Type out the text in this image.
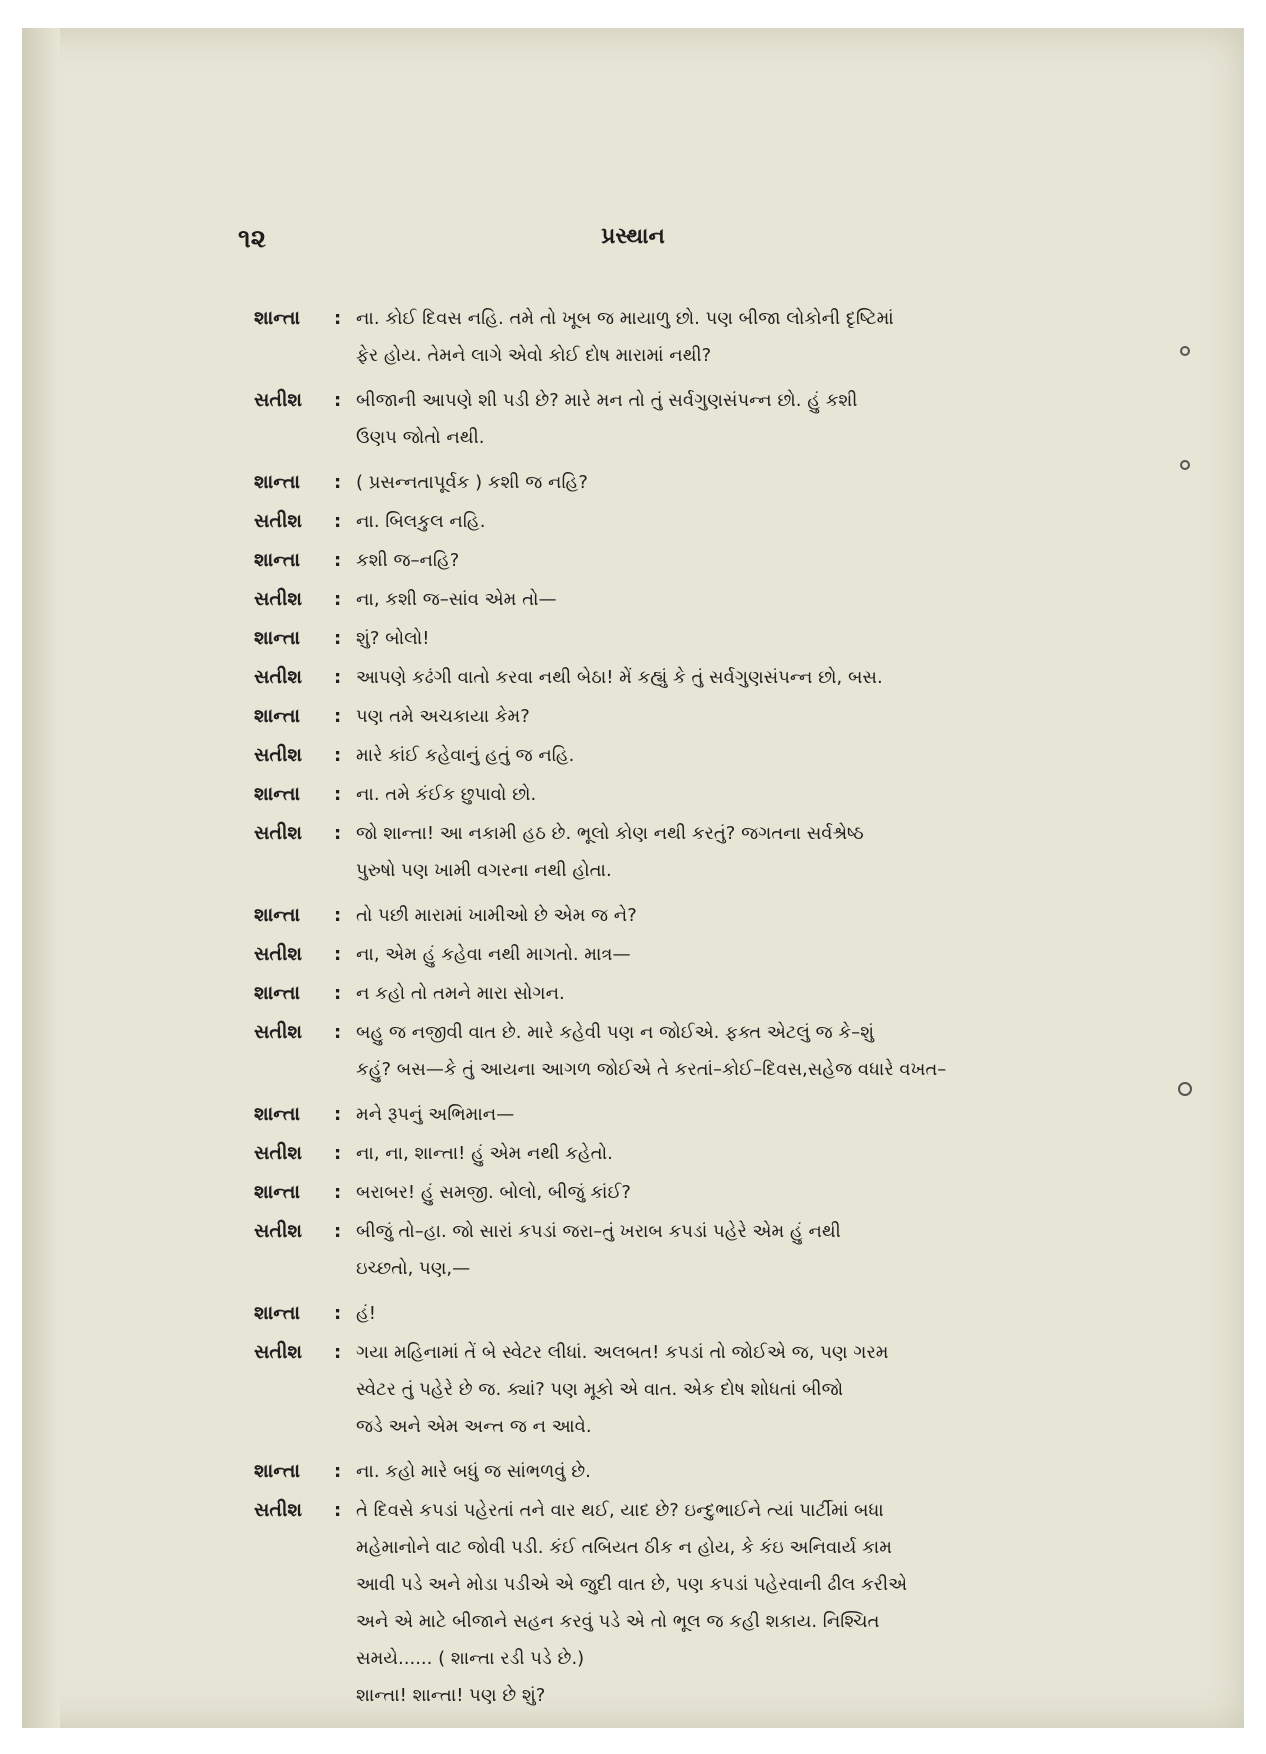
૧૨	પ્રસ્થાન
શાન્તા	: ના. કોઈ દિવસ નહિ. તમે તો ખૂબ જ માયાળુ છો. પણ બીજા લોકોની દૃષ્ટિમાં
ફેર હોય. તેમને લાગે એવો કોઈ દોષ મારામાં નથી?
સતીશ	: બીજાની આપણે શી પડી છે? મારે મન તો તું સર્વગુણસંપન્ન છો. હું કશી
ઉણપ જોતો નથી.
શાન્તા	: ( પ્રસન્નતાપૂર્વક ) કશી જ નહિ?
સતીશ	: ના. બિલકુલ નહિ.
શાન્તા	: કશી જ–નહિ?
સતીશ	: ના, કશી જ–સાંવ એમ તો—
શાન્તા	: શું? બોલો!
સતીશ	: આપણે કઢંગી વાતો કરવા નથી બેઠા! મેં કહ્યું કે તું સર્વગુણસંપન્ન છો, બસ.
શાન્તા	: પણ તમે અચકાયા કેમ?
સતીશ	: મારે કાંઈ કહેવાનું હતું જ નહિ.
શાન્તા	: ના. તમે કંઈક છુપાવો છો.
સતીશ	: જો શાન્તા! આ નકામી હઠ છે. ભૂલો કોણ નથી કરતું? જગતના સર્વશ્રેષ્ઠ
પુરુષો પણ ખામી વગરના નથી હોતા.
શાન્તા	: તો પછી મારામાં ખામીઓ છે એમ જ ને?
સતીશ	: ના, એમ હું કહેવા નથી માગતો. માત્ર—
શાન્તા	: ન કહો તો તમને મારા સોગન.
સતીશ	: બહુ જ નજીવી વાત છે. મારે કહેવી પણ ન જોઈએ. ફક્ત એટલું જ કે–શું
કહું? બસ—કે તું આયના આગળ જોઈએ તે કરતાં–કોઈ–દિવસ,સહેજ વધારે વખત–
શાન્તા	: મને રૂપનું અભિમાન—
સતીશ	: ના, ના, શાન્તા! હું એમ નથી કહેતો.
શાન્તા	: બરાબર! હું સમજી. બોલો, બીજું કાંઈ?
સતીશ	: બીજું તો–હા. જો સારાં કપડાં જરા–તું ખરાબ કપડાં પહેરે એમ હું નથી
ઇચ્છતો, પણ,—
શાન્તા	: હં!
સતીશ	: ગયા મહિનામાં તેં બે સ્વેટર લીધાં. અલબત! કપડાં તો જોઈએ જ, પણ ગરમ
સ્વેટર તું પહેરે છે જ. ક્યાં? પણ મૂકો એ વાત. એક દોષ શોધતાં બીજો
જડે અને એમ અન્ત જ ન આવે.
શાન્તા	: ના. કહો મારે બધું જ સાંભળવું છે.
સતીશ	: તે દિવસે કપડાં પહેરતાં તને વાર થઈ, યાદ છે? ઇન્દુભાઈને ત્યાં પાર્ટીમાં બધા
મહેમાનોને વાટ જોવી પડી. કંઈ તબિયત ઠીક ન હોય, કે કંઇ અનિવાર્ય કામ
આવી પડે અને મોડા પડીએ એ જુદી વાત છે, પણ કપડાં પહેરવાની ઢીલ કરીએ
અને એ માટે બીજાને સહન કરવું પડે એ તો ભૂલ જ કહી શકાય. નિશ્ચિત
સમયે...... ( શાન્તા રડી પડે છે.)
શાન્તા! શાન્તા! પણ છે શું?
